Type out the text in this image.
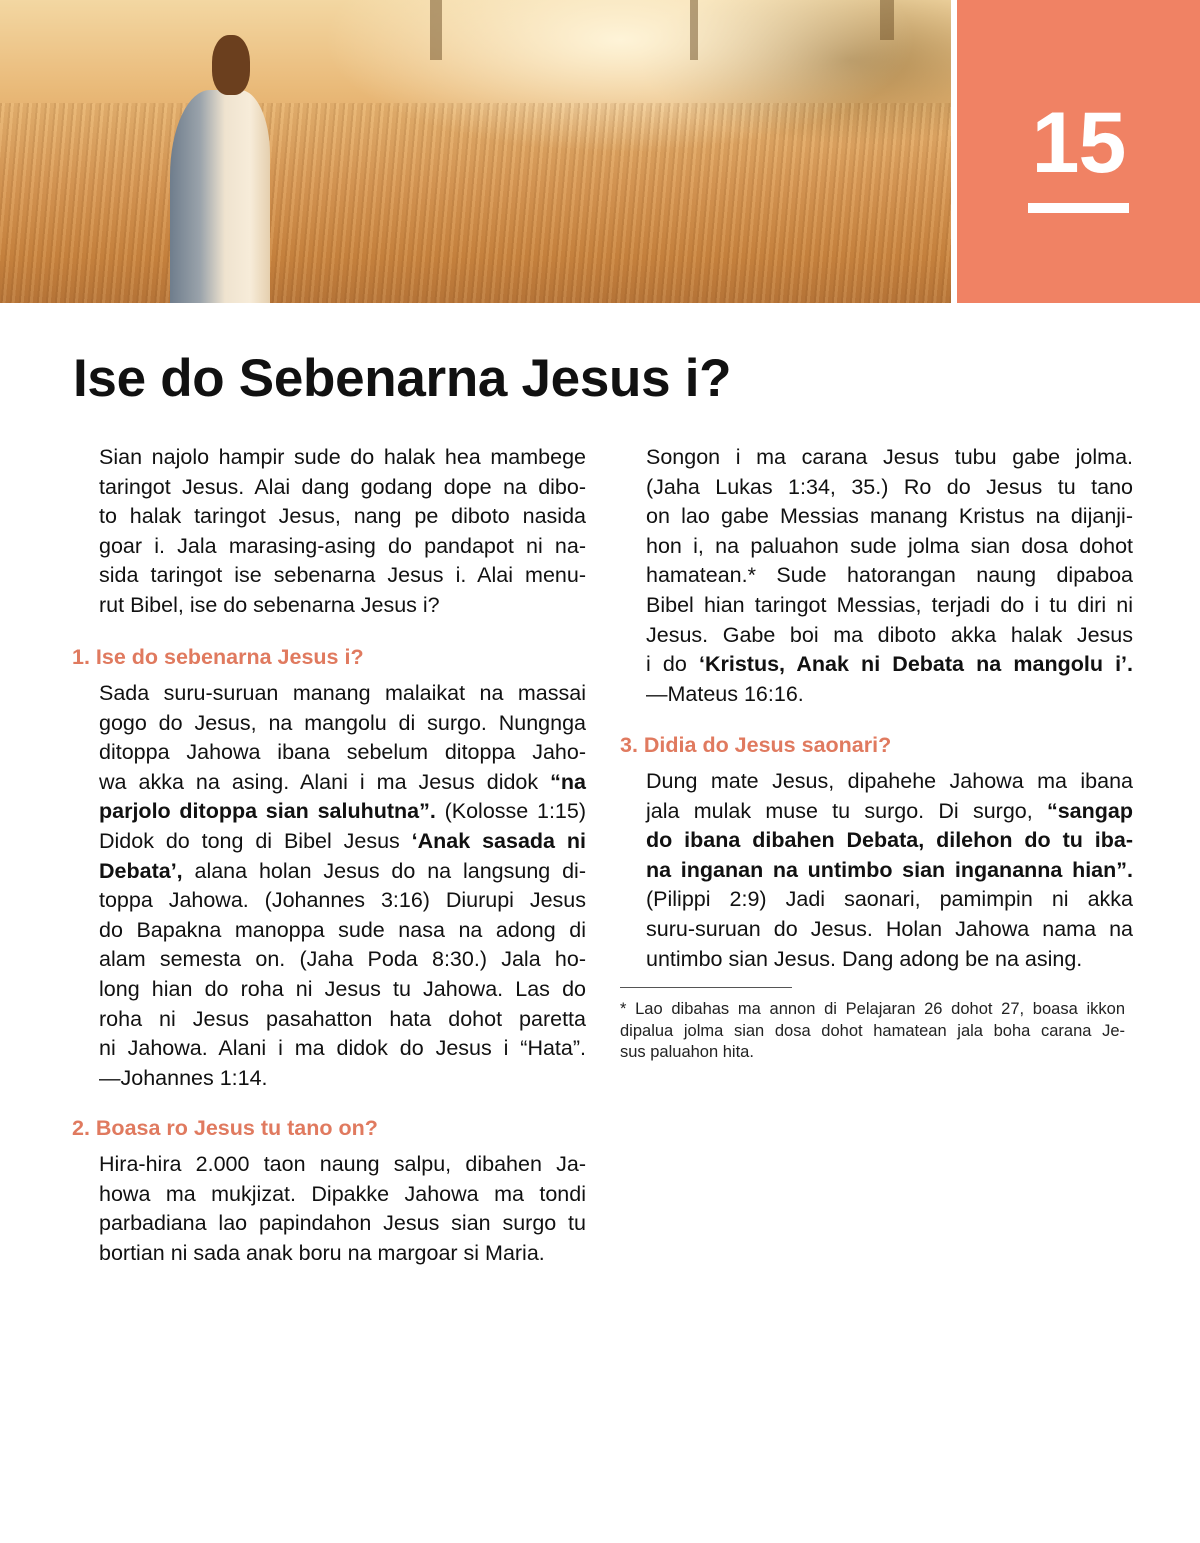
15
Ise do Sebenarna Jesus i?
Sian najolo hampir sude do halak hea mambege
taringot Jesus. Alai dang godang dope na dibo-
to halak taringot Jesus, nang pe diboto nasida
goar i. Jala marasing-asing do pandapot ni na-
sida taringot ise sebenarna Jesus i. Alai menu-
rut Bibel, ise do sebenarna Jesus i?
1. Ise do sebenarna Jesus i?
Sada suru-suruan manang malaikat na massai
gogo do Jesus, na mangolu di surgo. Nungnga
ditoppa Jahowa ibana sebelum ditoppa Jaho-
wa akka na asing. Alani i ma Jesus didok “na
parjolo ditoppa sian saluhutna”. (Kolosse 1:15)
Didok do tong di Bibel Jesus ‘Anak sasada ni
Debata’, alana holan Jesus do na langsung di-
toppa Jahowa. (Johannes 3:16) Diurupi Jesus
do Bapakna manoppa sude nasa na adong di
alam semesta on. (Jaha Poda 8:30.) Jala ho-
long hian do roha ni Jesus tu Jahowa. Las do
roha ni Jesus pasahatton hata dohot paretta
ni Jahowa. Alani i ma didok do Jesus i “Hata”.
—Johannes 1:14.
2. Boasa ro Jesus tu tano on?
Hira-hira 2.000 taon naung salpu, dibahen Ja-
howa ma mukjizat. Dipakke Jahowa ma tondi
parbadiana lao papindahon Jesus sian surgo tu
bortian ni sada anak boru na margoar si Maria.
Songon i ma carana Jesus tubu gabe jolma.
(Jaha Lukas 1:34, 35.) Ro do Jesus tu tano
on lao gabe Messias manang Kristus na dijanji-
hon i, na paluahon sude jolma sian dosa dohot
hamatean.* Sude hatorangan naung dipaboa
Bibel hian taringot Messias, terjadi do i tu diri ni
Jesus. Gabe boi ma diboto akka halak Jesus
i do ‘Kristus, Anak ni Debata na mangolu i’.
—Mateus 16:16.
3. Didia do Jesus saonari?
Dung mate Jesus, dipahehe Jahowa ma ibana
jala mulak muse tu surgo. Di surgo, “sangap
do ibana dibahen Debata, dilehon do tu iba-
na inganan na untimbo sian ingananna hian”.
(Pilippi 2:9) Jadi saonari, pamimpin ni akka
suru-suruan do Jesus. Holan Jahowa nama na
untimbo sian Jesus. Dang adong be na asing.
* Lao dibahas ma annon di Pelajaran 26 dohot 27, boasa ikkon
dipalua jolma sian dosa dohot hamatean jala boha carana Je-
sus paluahon hita.
